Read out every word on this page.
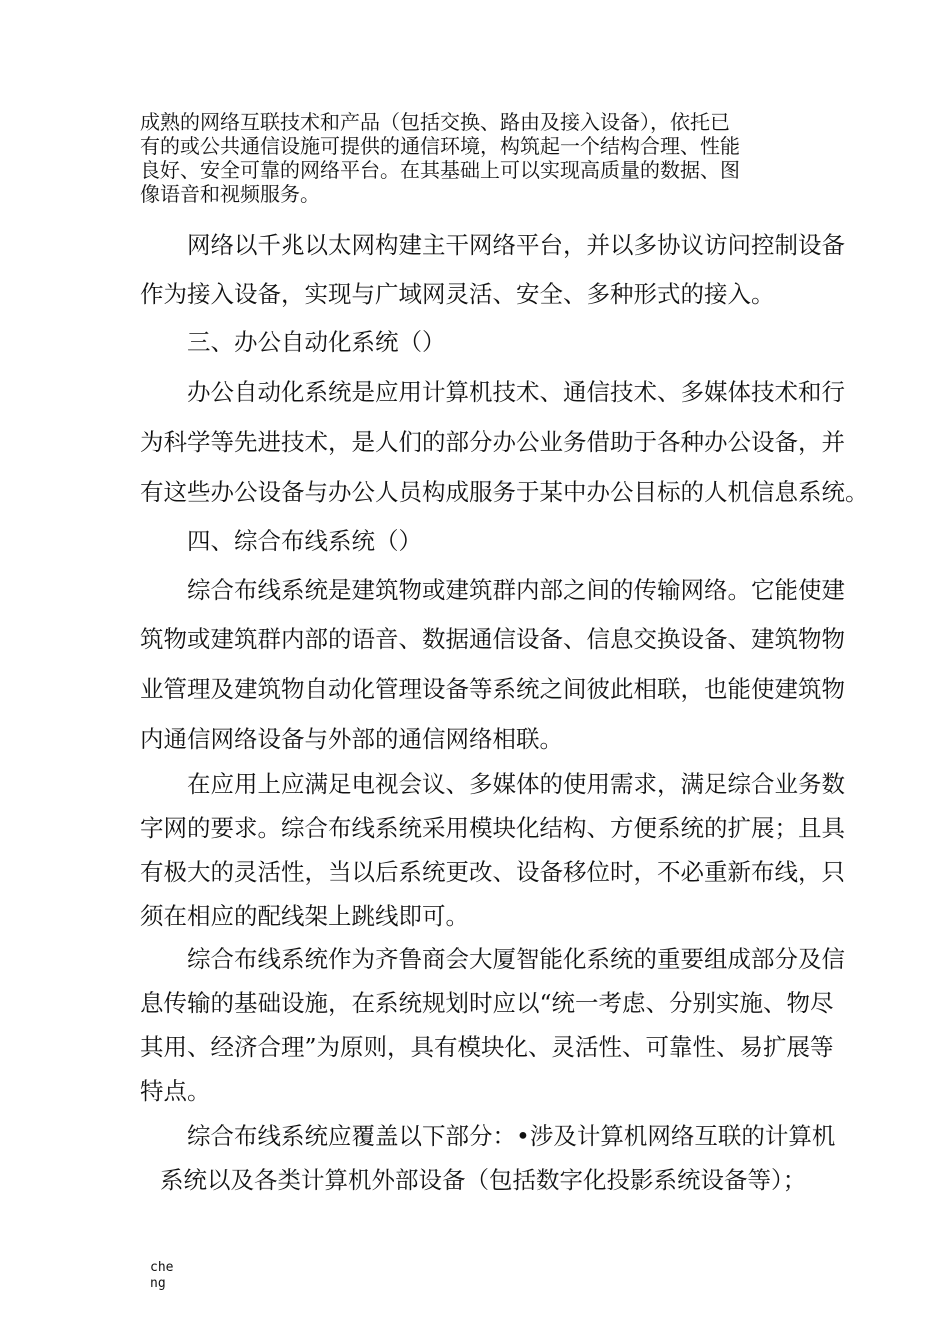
成熟的网络互联技术和产品（包括交换、路由及接入设备），依托已
有的或公共通信设施可提供的通信环境，构筑起一个结构合理、性能
良好、安全可靠的网络平台。在其基础上可以实现高质量的数据、图
像语音和视频服务。
网络以千兆以太网构建主干网络平台，并以多协议访问控制设备
作为接入设备，实现与广域网灵活、安全、多种形式的接入。
三、办公自动化系统（）
办公自动化系统是应用计算机技术、通信技术、多媒体技术和行
为科学等先进技术，是人们的部分办公业务借助于各种办公设备，并
有这些办公设备与办公人员构成服务于某中办公目标的人机信息系统。
四、综合布线系统（）
综合布线系统是建筑物或建筑群内部之间的传输网络。它能使建
筑物或建筑群内部的语音、数据通信设备、信息交换设备、建筑物物
业管理及建筑物自动化管理设备等系统之间彼此相联，也能使建筑物
内通信网络设备与外部的通信网络相联。
在应用上应满足电视会议、多媒体的使用需求，满足综合业务数
字网的要求。综合布线系统采用模块化结构、方便系统的扩展；且具
有极大的灵活性，当以后系统更改、设备移位时，不必重新布线，只
须在相应的配线架上跳线即可。
综合布线系统作为齐鲁商会大厦智能化系统的重要组成部分及信
息传输的基础设施，在系统规划时应以“统一考虑、分别实施、物尽
其用、经济合理”为原则，具有模块化、灵活性、可靠性、易扩展等
特点。
综合布线系统应覆盖以下部分：•涉及计算机网络互联的计算机
系统以及各类计算机外部设备（包括数字化投影系统设备等）；
cheng
